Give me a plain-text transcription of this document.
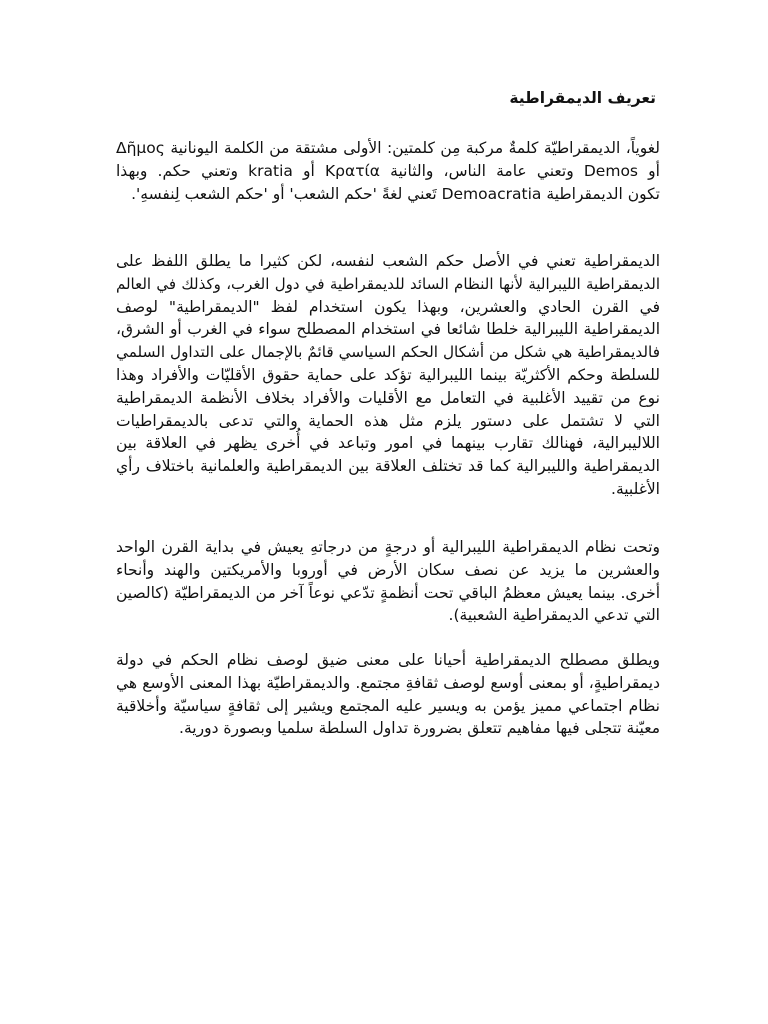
تعريف الديمقراطية
لغوياً، الديمقراطيّة كلمةٌ مركبة مِن كلمتين: الأولى مشتقة من الكلمة اليونانية Δῆμος
أو Demos وتعني عامة الناس، والثانية Κρατία أو kratia وتعني حكم. وبهذا
تكون الديمقراطية Demoacratia تَعني لغةً 'حكم الشعب' أو 'حكم الشعب لِنفسهِ'.
الديمقراطية تعني في الأصل حكم الشعب لنفسه، لكن كثيرا ما يطلق اللفظ على
الديمقراطية الليبرالية لأنها النظام السائد للديمقراطية في دول الغرب، وكذلك في العالم
في القرن الحادي والعشرين، وبهذا يكون استخدام لفظ "الديمقراطية" لوصف
الديمقراطية الليبرالية خلطا شائعا في استخدام المصطلح سواء في الغرب أو الشرق،
فالديمقراطية هي شكل من أشكال الحكم السياسي قائمٌ بالإجمال على التداول السلمي
للسلطة وحكم الأكثريّة بينما الليبرالية تؤكد على حماية حقوق الأقليّات والأفراد وهذا
نوع من تقييد الأغلبية في التعامل مع الأقليات والأفراد بخلاف الأنظمة الديمقراطية
التي لا تشتمل على دستور يلزم مثل هذه الحماية والتي تدعى بالديمقراطيات
اللاليبرالية، فهنالك تقارب بينهما في امور وتباعد في أُخرى يظهر في العلاقة بين
الديمقراطية والليبرالية كما قد تختلف العلاقة بين الديمقراطية والعلمانية باختلاف رأي
الأغلبية.
وتحت نظام الديمقراطية الليبرالية أو درجةٍ من درجاتهِ يعيش في بداية القرن الواحد
والعشرين ما يزيد عن نصف سكان الأرض في أوروبا والأمريكتين والهند وأنحاء
أخرى. بينما يعيش معظمُ الباقي تحت أنظمةٍ تدّعي نوعاً آخر من الديمقراطيّة (كالصين
التي تدعي الديمقراطية الشعبية).
ويطلق مصطلح الديمقراطية أحيانا على معنى ضيق لوصف نظام الحكم في دولة
ديمقراطيةٍ، أو بمعنى أوسع لوصف ثقافةِ مجتمع. والديمقراطيّة بهذا المعنى الأوسع هي
نظام اجتماعي مميز يؤمن به ويسير عليه المجتمع ويشير إلى ثقافةٍ سياسيّة وأخلاقية
معيّنة تتجلى فيها مفاهيم تتعلق بضرورة تداول السلطة سلميا وبصورة دورية.
